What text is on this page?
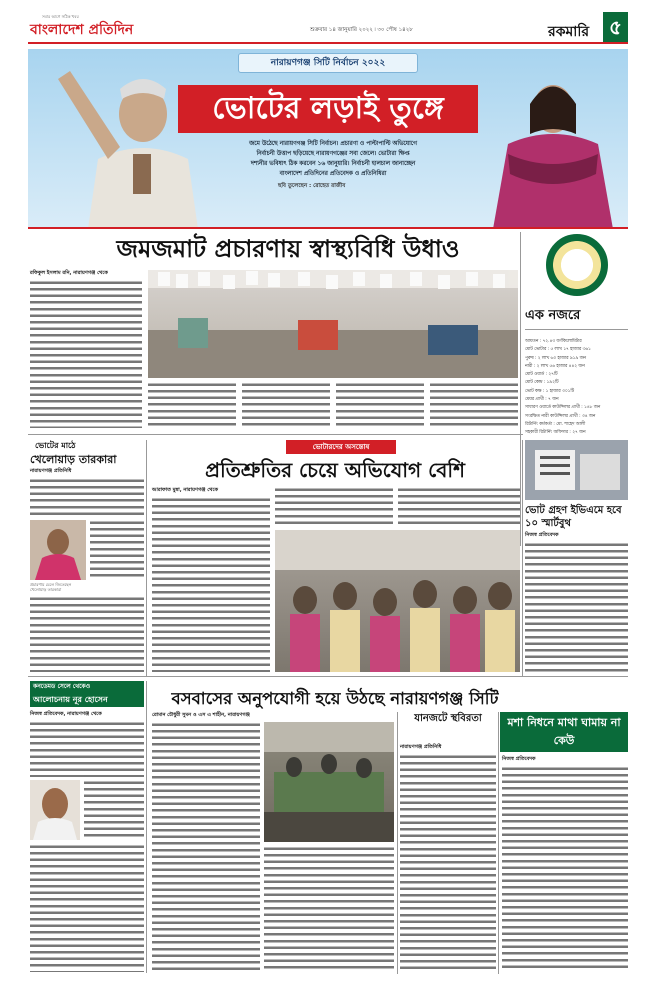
সবার আগে সঠিক খবর
বাংলাদেশ প্রতিদিন	শুক্রবার ১৪ জানুয়ারি ২০২২ ৷ ৩০ পৌষ ১৪২৮	রকমারি ৫
নারায়ণগঞ্জ সিটি নির্বাচন ২০২২
ভোটের লড়াই তুঙ্গে
জমে উঠেছে নারায়ণগঞ্জ সিটি নির্বাচন। প্রচারণা ও পাল্টাপাল্টি অভিযোগে
নির্বাচনী উত্তাপ ছড়িয়েছে নারায়ণগঞ্জের সবা জেলে। ভোটারা ক্ষিপ্ত
দশ্যনীর ভবিষ্যৎ ঠিক করবেন ১৬ জানুয়ারি। নির্বাচনী হালচাল জানাচ্ছেন
বাংলাদেশ প্রতিদিনের প্রতিবেদক ও প্রতিনিধিরা
ছবি তুলেছেন : রোহেত রাজীব
জমজমাট প্রচারণায় স্বাস্থ্যবিধি উধাও
এক নজরে
আয়তন : ৭২.৪৩ বর্গকিলোমিটার
মোট ভোটার : ৫ লাখ ১৭ হাজার ৩৬১
পুরুষ : ২ লাখ ৬০ হাজার ৯১৯ জন
নারী : ২ লাখ ৫৬ হাজার ৪৪২ জন
মোট ওয়ার্ড : ২৭টি
মোট কেন্দ্র : ১৯২টি
ভোট কক্ষ : ১ হাজার ৩০১টি
মেয়র প্রার্থী : ৭ জন
সাধারণ ওয়ার্ডে কাউন্সিলর প্রার্থী : ১৪৮ জন
সংরক্ষিত নারী কাউন্সিলর প্রার্থী : ৩৪ জন
রিটার্নিং কর্মকর্তা : মো. শাহেদ আলী
সহকারী রিটার্নিং অফিসার : ২৭ জন
রফিকুল ইসলাম রনি, নারায়ণগঞ্জ থেকে
ভোটের মাঠে
খেলোয়াড় তারকারা
নারায়ণগঞ্জ প্রতিনিধি
প্রচারণায় চেলে জিতেছেন খেলোয়াড় তারকারা
ভোটারদের অসন্তোষ
প্রতিশ্রুতির চেয়ে অভিযোগ বেশি
আরাফাত মুন্না, নারায়ণগঞ্জ থেকে
ভোট গ্রহণ ইভিএমে হবে ১০ স্মার্টবুথ
নিজস্ব প্রতিবেদক
কনডেমড সেলে থেকেও
আলোচনায় নূর হোসেন
নিজস্ব প্রতিবেদক, নারায়ণগঞ্জ থেকে
বসবাসের অনুপযোগী হয়ে উঠছে নারায়ণগঞ্জ সিটি
রোমান চৌধুরী সুমন ও এস এ শাহীন, নারায়ণগঞ্জ	যানজটে স্থবিরতা
নারায়ণগঞ্জ প্রতিনিধি
মশা নিধনে মাথা ঘামায় না কেউ
নিজস্ব প্রতিবেদক
